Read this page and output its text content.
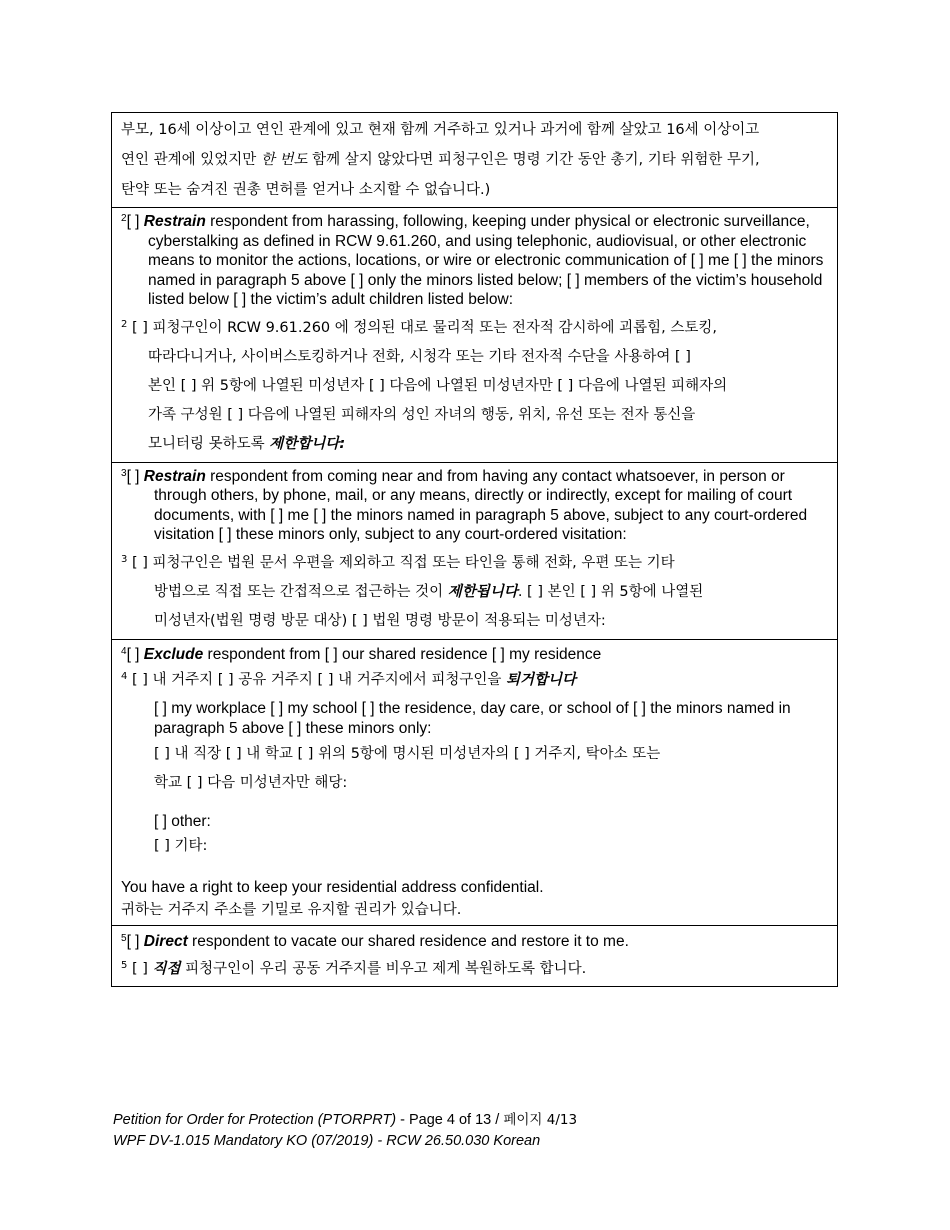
부모, 16세 이상이고 연인 관계에 있고 현재 함께 거주하고 있거나 과거에 함께 살았고 16세 이상이고

연인 관계에 있었지만 한 번도 함께 살지 않았다면 피청구인은 명령 기간 동안 총기, 기타 위험한 무기,

탄약 또는 숨겨진 권총 면허를 얻거나 소지할 수 없습니다.)

$^2$[ ] Restrain respondent from harassing, following, keeping under physical or electronic surveillance, cyberstalking as defined in RCW 9.61.260, and using telephonic, audiovisual, or other electronic means to monitor the actions, locations, or wire or electronic communication of [ ] me [ ] the minors named in paragraph 5 above [ ] only the minors listed below; [ ] members of the victim’s household listed below [ ] the victim’s adult children listed below:

$^2$ [ ] 피청구인이 RCW 9.61.260 에 정의된 대로 물리적 또는 전자적 감시하에 괴롭힘, 스토킹,

따라다니거나, 사이버스토킹하거나 전화, 시청각 또는 기타 전자적 수단을 사용하여 [ ]

본인 [ ] 위 5항에 나열된 미성년자 [ ] 다음에 나열된 미성년자만 [ ] 다음에 나열된 피해자의

가족 구성원 [ ] 다음에 나열된 피해자의 성인 자녀의 행동, 위치, 유선 또는 전자 통신을

모니터링 못하도록 제한합니다:

$^3$[ ] Restrain respondent from coming near and from having any contact whatsoever, in person or through others, by phone, mail, or any means, directly or indirectly, except for mailing of court documents, with [ ] me [ ] the minors named in paragraph 5 above, subject to any court-ordered visitation [ ] these minors only, subject to any court-ordered visitation:

$^3$ [ ] 피청구인은 법원 문서 우편을 제외하고 직접 또는 타인을 통해 전화, 우편 또는 기타

방법으로 직접 또는 간접적으로 접근하는 것이 제한됩니다. [ ] 본인 [ ] 위 5항에 나열된

미성년자(법원 명령 방문 대상) [ ] 법원 명령 방문이 적용되는 미성년자:

$^4$[ ] Exclude respondent from [ ] our shared residence [ ] my residence

$^4$ [ ] 내 거주지 [ ] 공유 거주지 [ ] 내 거주지에서 피청구인을 퇴거합니다

[ ] my workplace [ ] my school [ ] the residence, day care, or school of [ ] the minors named in paragraph 5 above [ ] these minors only:

[ ] 내 직장 [ ] 내 학교 [ ] 위의 5항에 명시된 미성년자의 [ ] 거주지, 탁아소 또는

학교 [ ] 다음 미성년자만 해당:

[ ] other:

[ ] 기타:

You have a right to keep your residential address confidential.

귀하는 거주지 주소를 기밀로 유지할 권리가 있습니다.

$^5$[ ] Direct respondent to vacate our shared residence and restore it to me.

$^5$ [ ] 직접 피청구인이 우리 공동 거주지를 비우고 제게 복원하도록 합니다.

Petition for Order for Protection (PTORPRT) - Page 4 of 13 / 페이지 4/13

WPF DV-1.015 Mandatory KO (07/2019) - RCW 26.50.030 Korean
